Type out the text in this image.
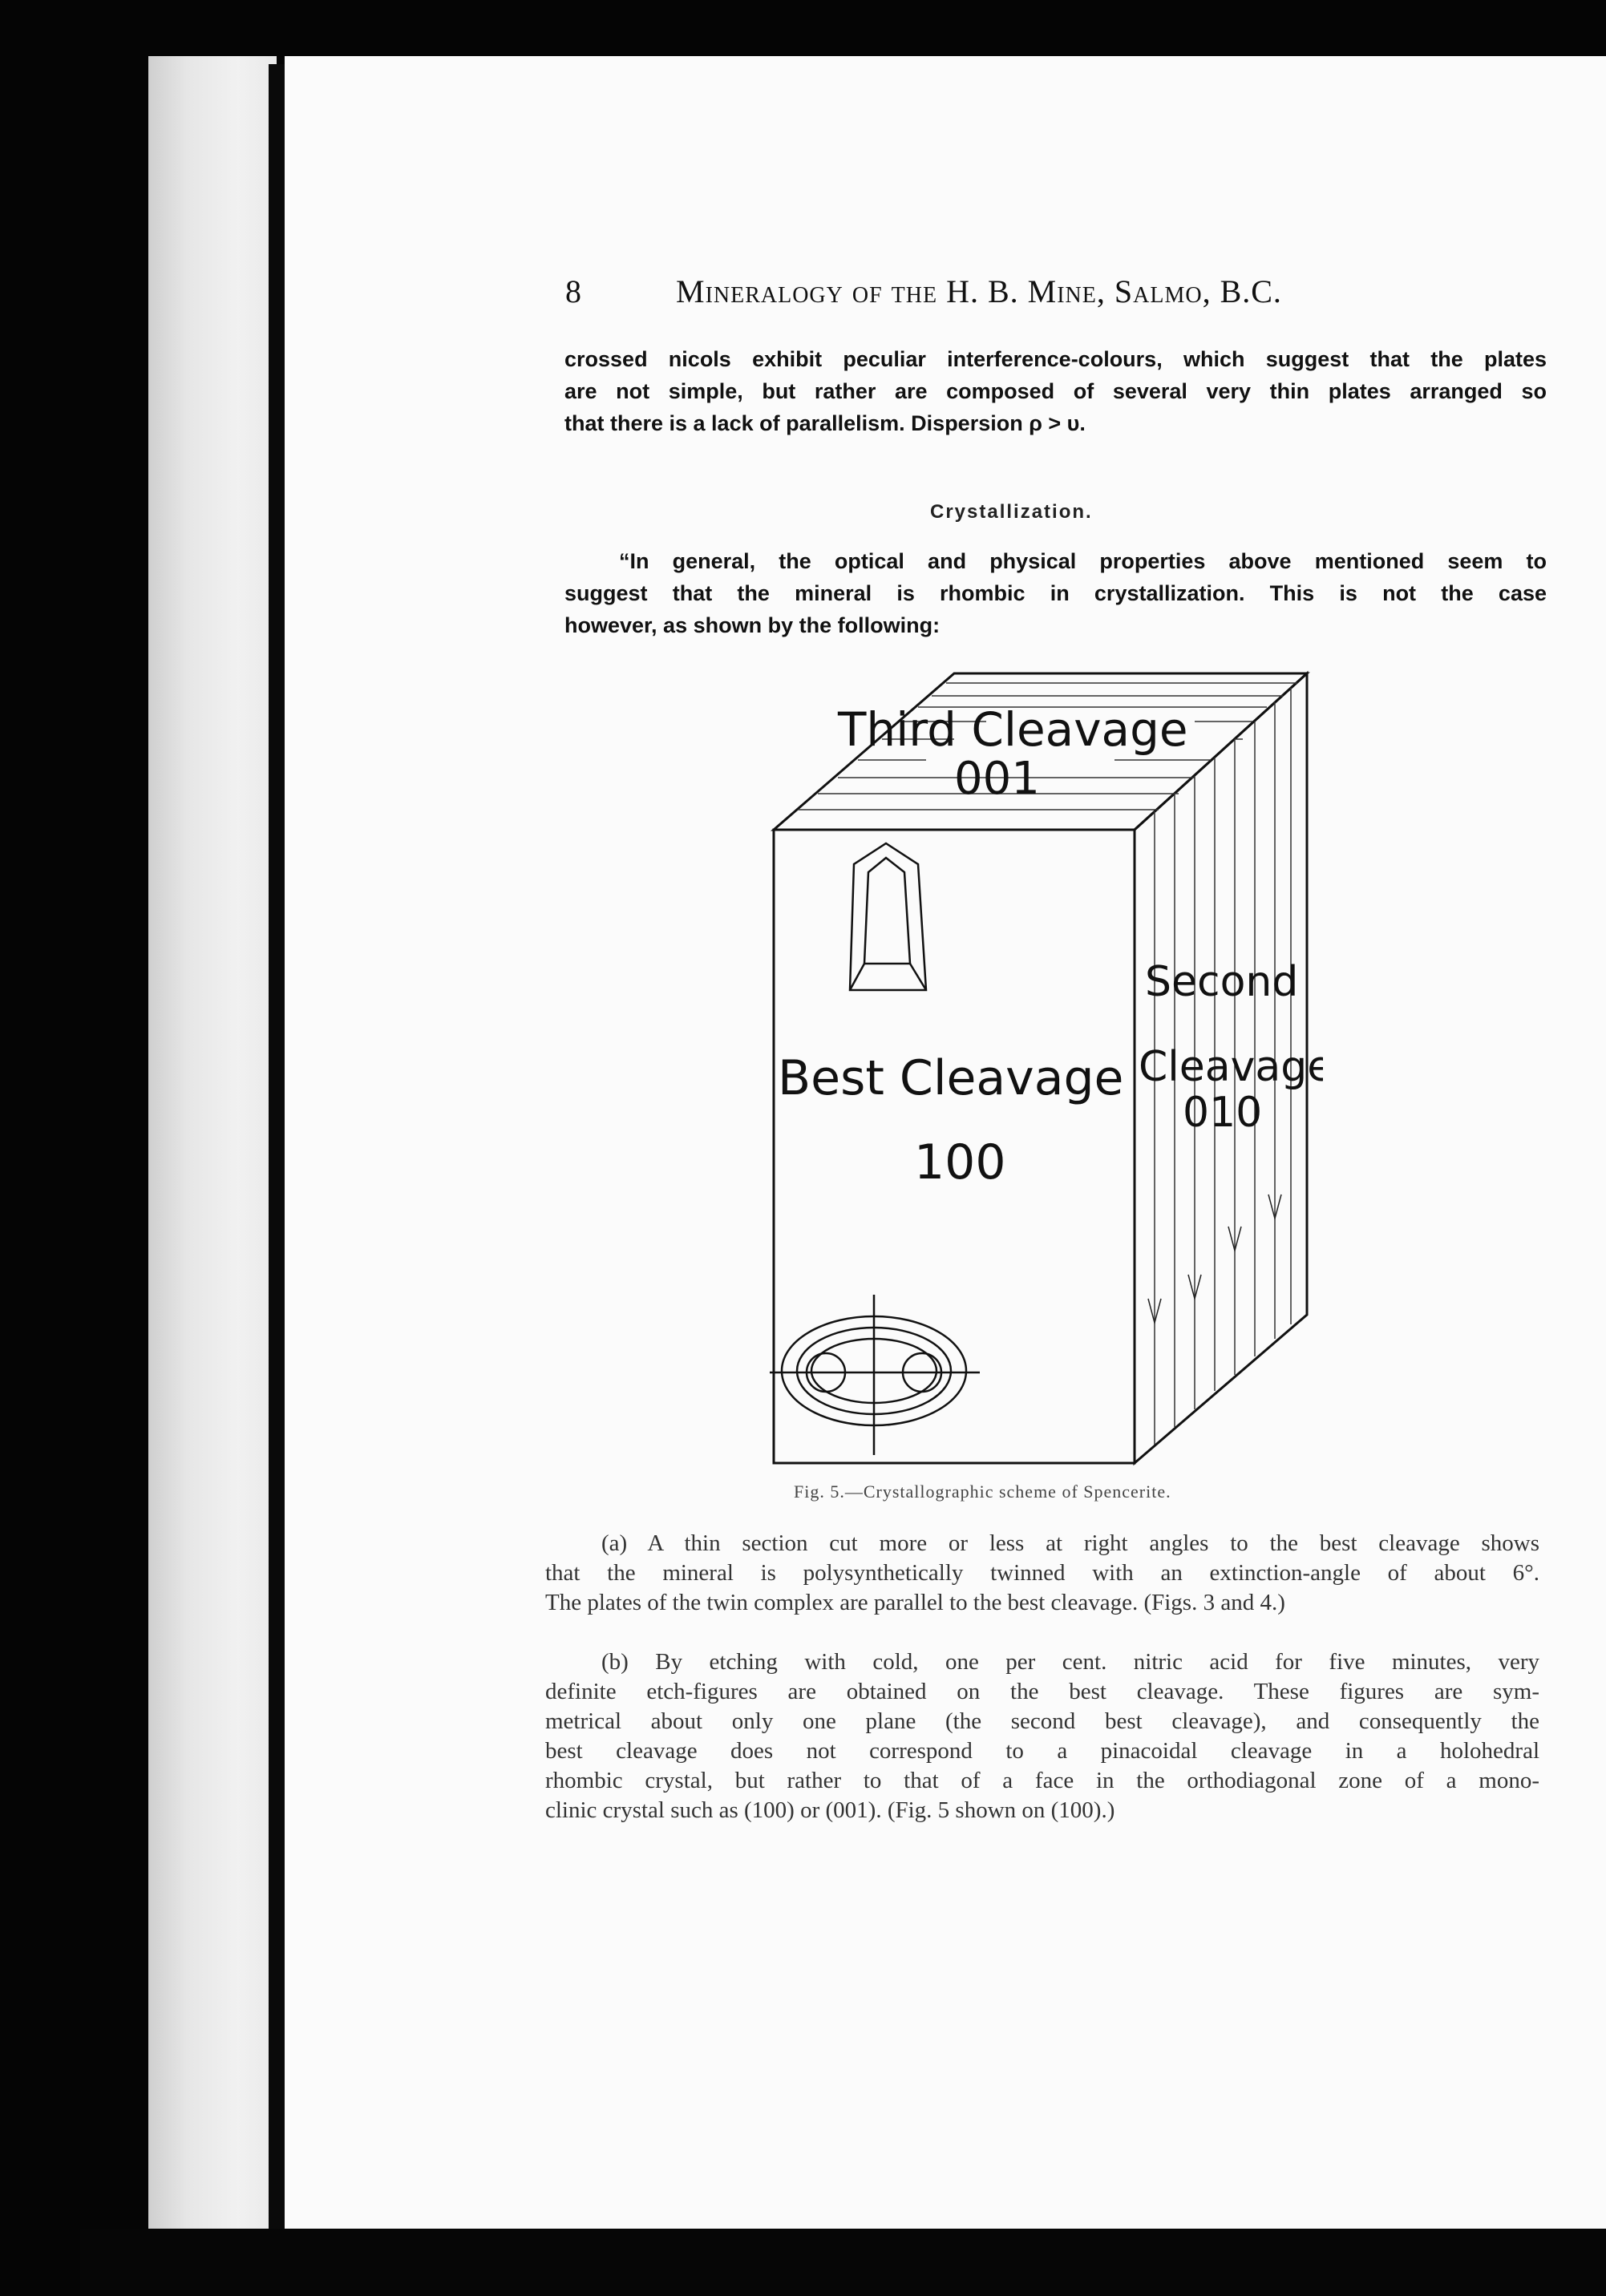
8	Mineralogy of the H. B. Mine, Salmo, B.C.
crossed nicols exhibit peculiar interference-colours, which suggest that the plates
are not simple, but rather are composed of several very thin plates arranged so
that there is a lack of parallelism. Dispersion ρ > υ.
Crystallization.
“In general, the optical and physical properties above mentioned seem to
suggest that the mineral is rhombic in crystallization. This is not the case
however, as shown by the following:
Third Cleavage
001
Best Cleavage
100
Second
Cleavage
010
Fig. 5.—Crystallographic scheme of Spencerite.
(a) A thin section cut more or less at right angles to the best cleavage shows
that the mineral is polysynthetically twinned with an extinction-angle of about 6°.
The plates of the twin complex are parallel to the best cleavage. (Figs. 3 and 4.)
(b) By etching with cold, one per cent. nitric acid for five minutes, very
definite etch-figures are obtained on the best cleavage. These figures are sym-
metrical about only one plane (the second best cleavage), and consequently the
best cleavage does not correspond to a pinacoidal cleavage in a holohedral
rhombic crystal, but rather to that of a face in the orthodiagonal zone of a mono-
clinic crystal such as (100) or (001). (Fig. 5 shown on (100).)
